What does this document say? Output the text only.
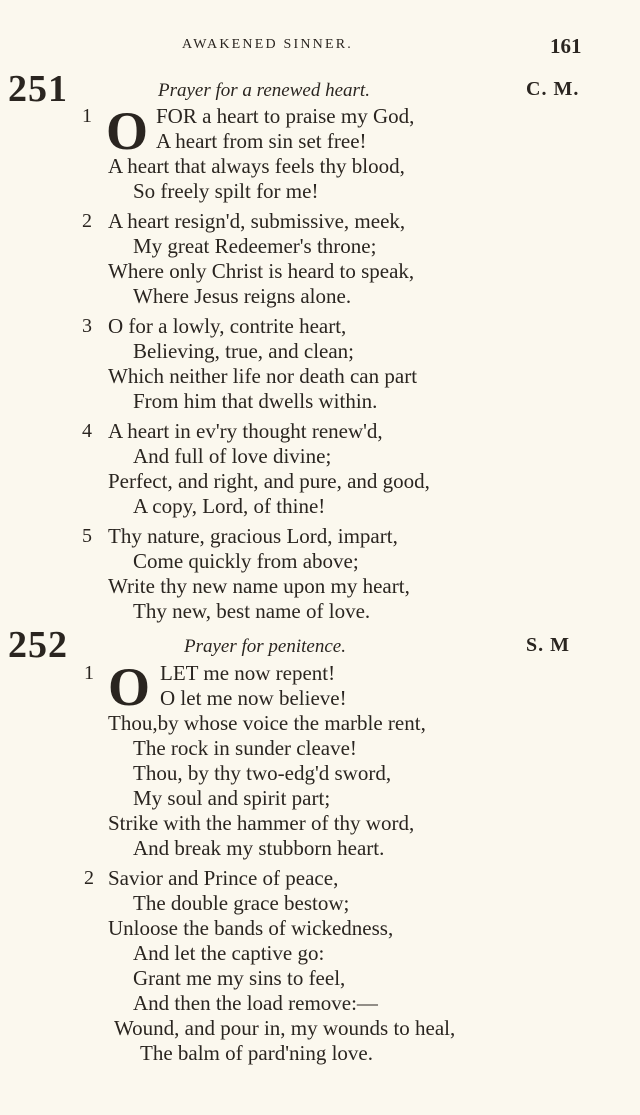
AWAKENED SINNER.	161
251	Prayer for a renewed heart.	C. M.
1 O FOR a heart to praise my God,
A heart from sin set free!
A heart that always feels thy blood,
So freely spilt for me!
2 A heart resign'd, submissive, meek,
My great Redeemer's throne;
Where only Christ is heard to speak,
Where Jesus reigns alone.
3 O for a lowly, contrite heart,
Believing, true, and clean;
Which neither life nor death can part
From him that dwells within.
4 A heart in ev'ry thought renew'd,
And full of love divine;
Perfect, and right, and pure, and good,
A copy, Lord, of thine!
5 Thy nature, gracious Lord, impart,
Come quickly from above;
Write thy new name upon my heart,
Thy new, best name of love.
252	Prayer for penitence.	S. M
1 O LET me now repent!
O let me now believe!
Thou,by whose voice the marble rent,
The rock in sunder cleave!
Thou, by thy two-edg'd sword,
My soul and spirit part;
Strike with the hammer of thy word,
And break my stubborn heart.
2 Savior and Prince of peace,
The double grace bestow;
Unloose the bands of wickedness,
And let the captive go:
Grant me my sins to feel,
And then the load remove:—
Wound, and pour in, my wounds to heal,
The balm of pard'ning love.
